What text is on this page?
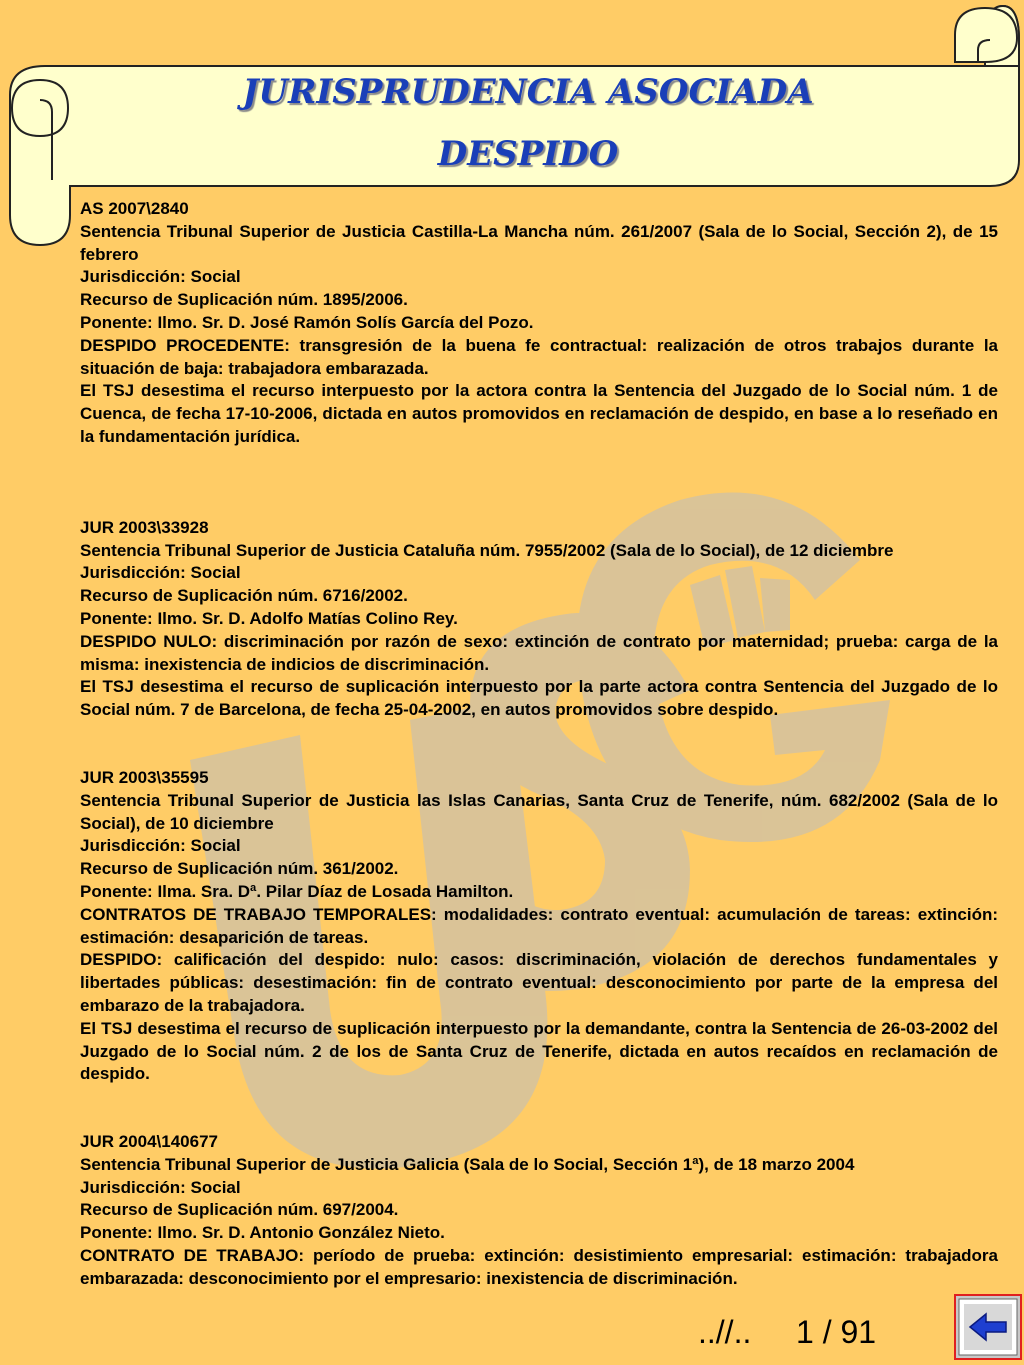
JURISPRUDENCIA ASOCIADA
DESPIDO

AS 2007\2840

Sentencia Tribunal Superior de Justicia Castilla-La Mancha núm. 261/2007 (Sala de lo Social, Sección 2), de 15 febrero

Jurisdicción: Social

Recurso de Suplicación núm. 1895/2006.

Ponente: Ilmo. Sr. D. José Ramón Solís García del Pozo.

DESPIDO PROCEDENTE: transgresión de la buena fe contractual: realización de otros trabajos durante la situación de baja: trabajadora embarazada.

El TSJ desestima el recurso interpuesto por la actora contra la Sentencia del Juzgado de lo Social núm. 1 de Cuenca, de fecha 17-10-2006, dictada en autos promovidos en reclamación de despido, en base a lo reseñado en la fundamentación jurídica.

JUR 2003\33928

Sentencia Tribunal Superior de Justicia Cataluña núm. 7955/2002 (Sala de lo Social), de 12 diciembre

Jurisdicción: Social

Recurso de Suplicación núm. 6716/2002.

Ponente: Ilmo. Sr. D. Adolfo Matías Colino Rey.

DESPIDO NULO: discriminación por razón de sexo: extinción de contrato por maternidad; prueba: carga de la misma: inexistencia de indicios de discriminación.

El TSJ desestima el recurso de suplicación interpuesto por la parte actora contra Sentencia del Juzgado de lo Social núm. 7 de Barcelona, de fecha 25-04-2002, en autos promovidos sobre despido.

JUR 2003\35595

Sentencia Tribunal Superior de Justicia las Islas Canarias, Santa Cruz de Tenerife, núm. 682/2002 (Sala de lo Social), de 10 diciembre

Jurisdicción: Social

Recurso de Suplicación núm. 361/2002.

Ponente: Ilma. Sra. Dª. Pilar Díaz de Losada Hamilton.

CONTRATOS DE TRABAJO TEMPORALES: modalidades: contrato eventual: acumulación de tareas: extinción: estimación: desaparición de tareas.

DESPIDO: calificación del despido: nulo: casos: discriminación, violación de derechos fundamentales y libertades públicas: desestimación: fin de contrato eventual: desconocimiento por parte de la empresa del embarazo de la trabajadora.

El TSJ desestima el recurso de suplicación interpuesto por la demandante, contra la Sentencia de 26-03-2002 del Juzgado de lo Social núm. 2 de los de Santa Cruz de Tenerife, dictada en autos recaídos en reclamación de despido.

JUR 2004\140677

Sentencia Tribunal Superior de Justicia Galicia (Sala de lo Social, Sección 1ª), de 18 marzo 2004

Jurisdicción: Social

Recurso de Suplicación núm. 697/2004.

Ponente: Ilmo. Sr. D. Antonio González Nieto.

CONTRATO DE TRABAJO: período de prueba: extinción: desistimiento empresarial: estimación: trabajadora embarazada: desconocimiento por el empresario: inexistencia de discriminación.

..//.. 1 / 91
